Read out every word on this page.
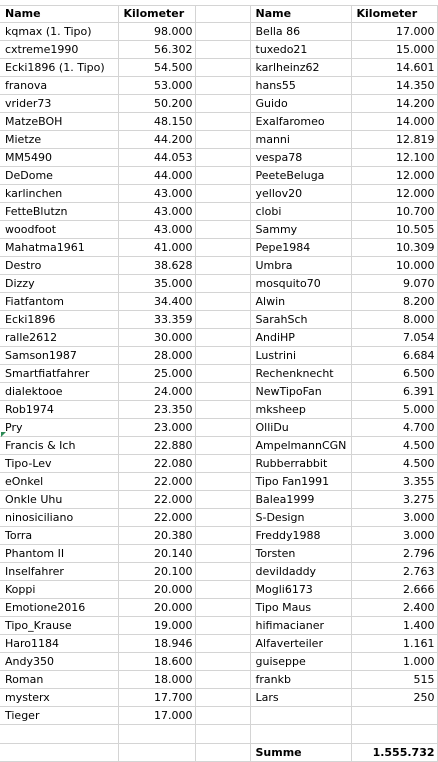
Name	Kilometer		Name	Kilometer
kqmax (1. Tipo)	98.000		Bella 86	17.000
cxtreme1990	56.302		tuxedo21	15.000
Ecki1896 (1. Tipo)	54.500		karlheinz62	14.601
franova	53.000		hans55	14.350
vrider73	50.200		Guido	14.200
MatzeBOH	48.150		Exalfaromeo	14.000
Mietze	44.200		manni	12.819
MM5490	44.053		vespa78	12.100
DeDome	44.000		PeeteBeluga	12.000
karlinchen	43.000		yellov20	12.000
FetteBlutzn	43.000		clobi	10.700
woodfoot	43.000		Sammy	10.505
Mahatma1961	41.000		Pepe1984	10.309
Destro	38.628		Umbra	10.000
Dizzy	35.000		mosquito70	9.070
Fiatfantom	34.400		Alwin	8.200
Ecki1896	33.359		SarahSch	8.000
ralle2612	30.000		AndiHP	7.054
Samson1987	28.000		Lustrini	6.684
Smartfiatfahrer	25.000		Rechenknecht	6.500
dialektooe	24.000		NewTipoFan	6.391
Rob1974	23.350		mksheep	5.000
Pry	23.000		OlliDu	4.700
Francis & Ich	22.880		AmpelmannCGN	4.500
Tipo-Lev	22.080		Rubberrabbit	4.500
eOnkel	22.000		Tipo Fan1991	3.355
Onkle Uhu	22.000		Balea1999	3.275
ninosiciliano	22.000		S-Design	3.000
Torra	20.380		Freddy1988	3.000
Phantom II	20.140		Torsten	2.796
Inselfahrer	20.100		devildaddy	2.763
Koppi	20.000		Mogli6173	2.666
Emotione2016	20.000		Tipo Maus	2.400
Tipo_Krause	19.000		hifimacianer	1.400
Haro1184	18.946		Alfaverteiler	1.161
Andy350	18.600		guiseppe	1.000
Roman	18.000		frankb	515
mysterx	17.700		Lars	250
Tieger	17.000			

			Summe	1.555.732
